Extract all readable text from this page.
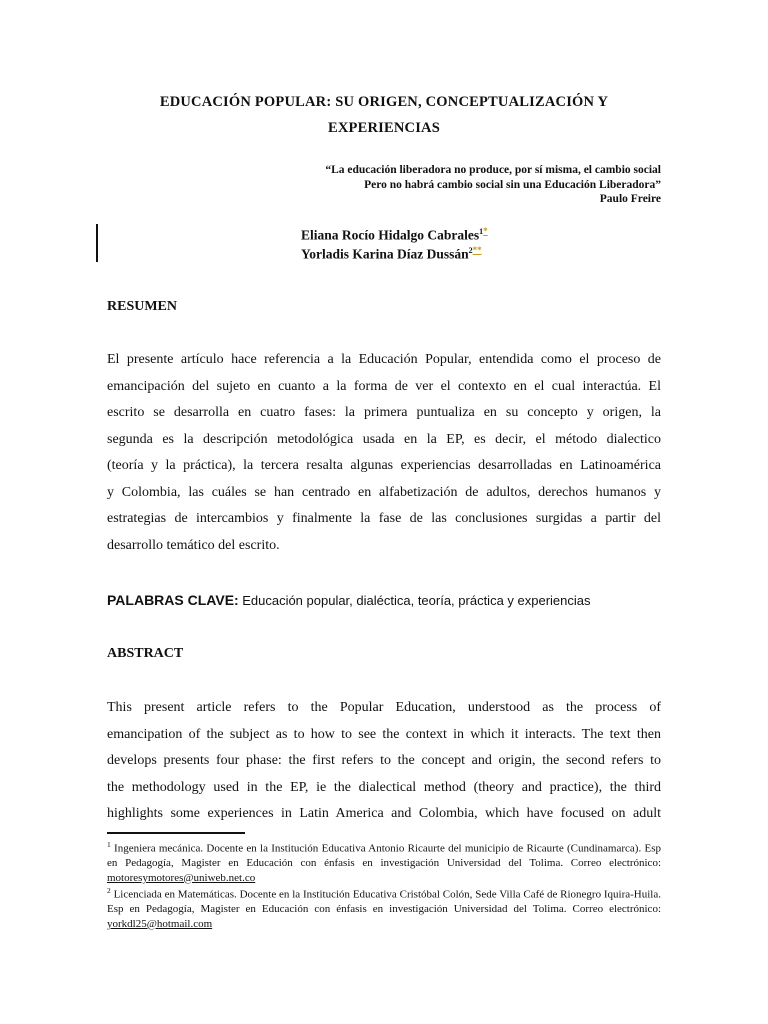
EDUCACIÓN POPULAR: SU ORIGEN, CONCEPTUALIZACIÓN Y
EXPERIENCIAS
“La educación liberadora no produce, por sí misma, el cambio social
Pero no habrá cambio social sin una Educación Liberadora”
Paulo Freire
Eliana Rocío Hidalgo Cabrales$^{1*}$
Yorladis Karina Díaz Dussán$^{2**}$
RESUMEN
El presente artículo hace referencia a la Educación Popular, entendida como el proceso de
emancipación del sujeto en cuanto a la forma de ver el contexto en el cual interactúa. El
escrito se desarrolla en cuatro fases: la primera puntualiza en su concepto y origen, la
segunda es la descripción metodológica usada en la EP, es decir, el método dialectico
(teoría y la práctica), la tercera resalta algunas experiencias desarrolladas en Latinoamérica
y Colombia, las cuáles se han centrado en alfabetización de adultos, derechos humanos y
estrategias de intercambios y finalmente la fase de las conclusiones surgidas a partir del
desarrollo temático del escrito.
PALABRAS CLAVE: Educación popular, dialéctica, teoría, práctica y experiencias
ABSTRACT
This present article refers to the Popular Education, understood as the process of
emancipation of the subject as to how to see the context in which it interacts. The text then
develops presents four phase: the first refers to the concept and origin, the second refers to
the methodology used in the EP, ie the dialectical method (theory and practice), the third
highlights some experiences in Latin America and Colombia, which have focused on adult

$^1$ Ingeniera mecánica. Docente en la Institución Educativa Antonio Ricaurte del municipio de Ricaurte (Cundinamarca). Esp en Pedagogía, Magister en Educación con énfasis en investigación Universidad del Tolima. Correo electrónico: motoresymotores@uniweb.net.co

$^2$ Licenciada en Matemáticas. Docente en la Institución Educativa Cristóbal Colón, Sede Villa Café de Rionegro Iquira-Huila. Esp en Pedagogía, Magister en Educación con énfasis en investigación Universidad del Tolima. Correo electrónico: yorkdl25@hotmail.com
